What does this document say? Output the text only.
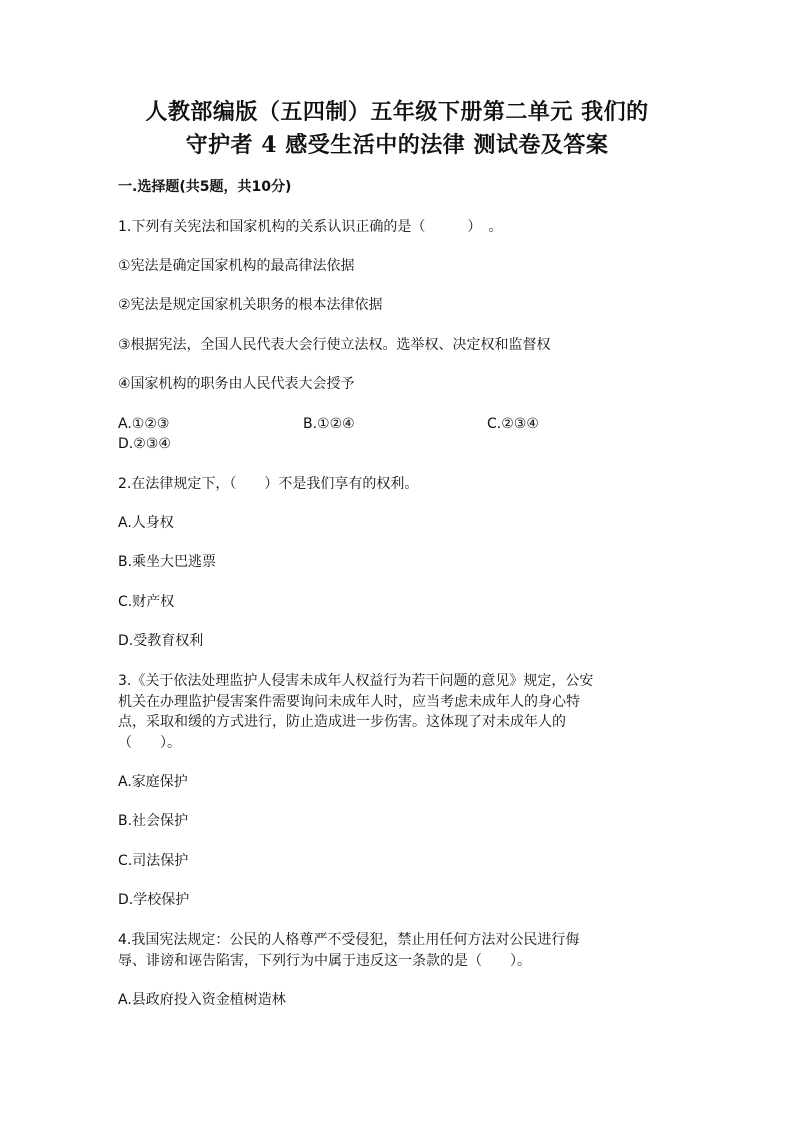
人教部编版（五四制）五年级下册第二单元 我们的
守护者 4 感受生活中的法律 测试卷及答案
一.选择题(共5题，共10分)
1.下列有关宪法和国家机构的关系认识正确的是（　　　）　。
①宪法是确定国家机构的最高律法依据
②宪法是规定国家机关职务的根本法律依据
③根据宪法，全国人民代表大会行使立法权。选举权、决定权和监督权
④国家机构的职务由人民代表大会授予
A.①②③	B.①②④	C.②③④
D.②③④
2.在法律规定下，（　　）不是我们享有的权利。
A.人身权
B.乘坐大巴逃票
C.财产权
D.受教育权利
3.《关于依法处理监护人侵害未成年人权益行为若干问题的意见》规定，公安
机关在办理监护侵害案件需要询问未成年人时，应当考虑未成年人的身心特
点，采取和缓的方式进行，防止造成进一步伤害。这体现了对未成年人的
（　　）。
A.家庭保护
B.社会保护
C.司法保护
D.学校保护
4.我国宪法规定：公民的人格尊严不受侵犯，禁止用任何方法对公民进行侮
辱、诽谤和诬告陷害，下列行为中属于违反这一条款的是（　　）。
A.县政府投入资金植树造林
